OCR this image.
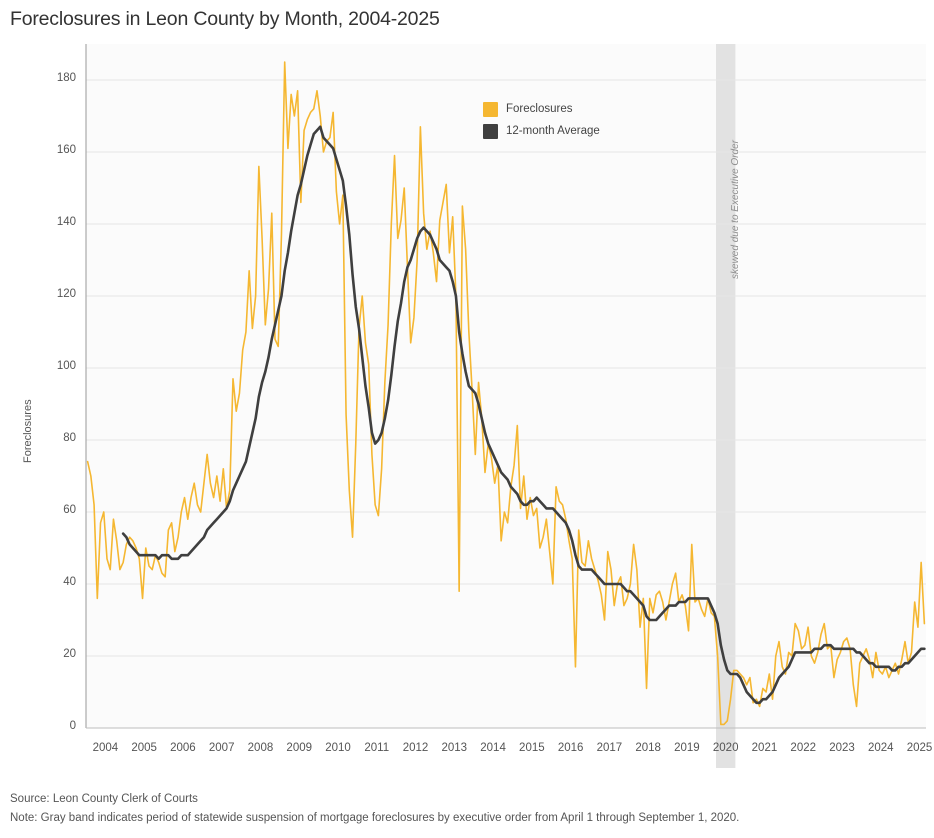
Foreclosures in Leon County by Month, 2004-2025
Foreclosures
Foreclosures
12-month Average
skewed due to Executive Order
0
20
40
60
80
100
120
140
160
180
2004	2005	2006	2007	2008	2009	2010	2011	2012	2013	2014	2015	2016	2017	2018	2019	2020	2021	2022	2023	2024	2025
Source: Leon County Clerk of Courts
Note: Gray band indicates period of statewide suspension of mortgage foreclosures by executive order from April 1 through September 1, 2020.
